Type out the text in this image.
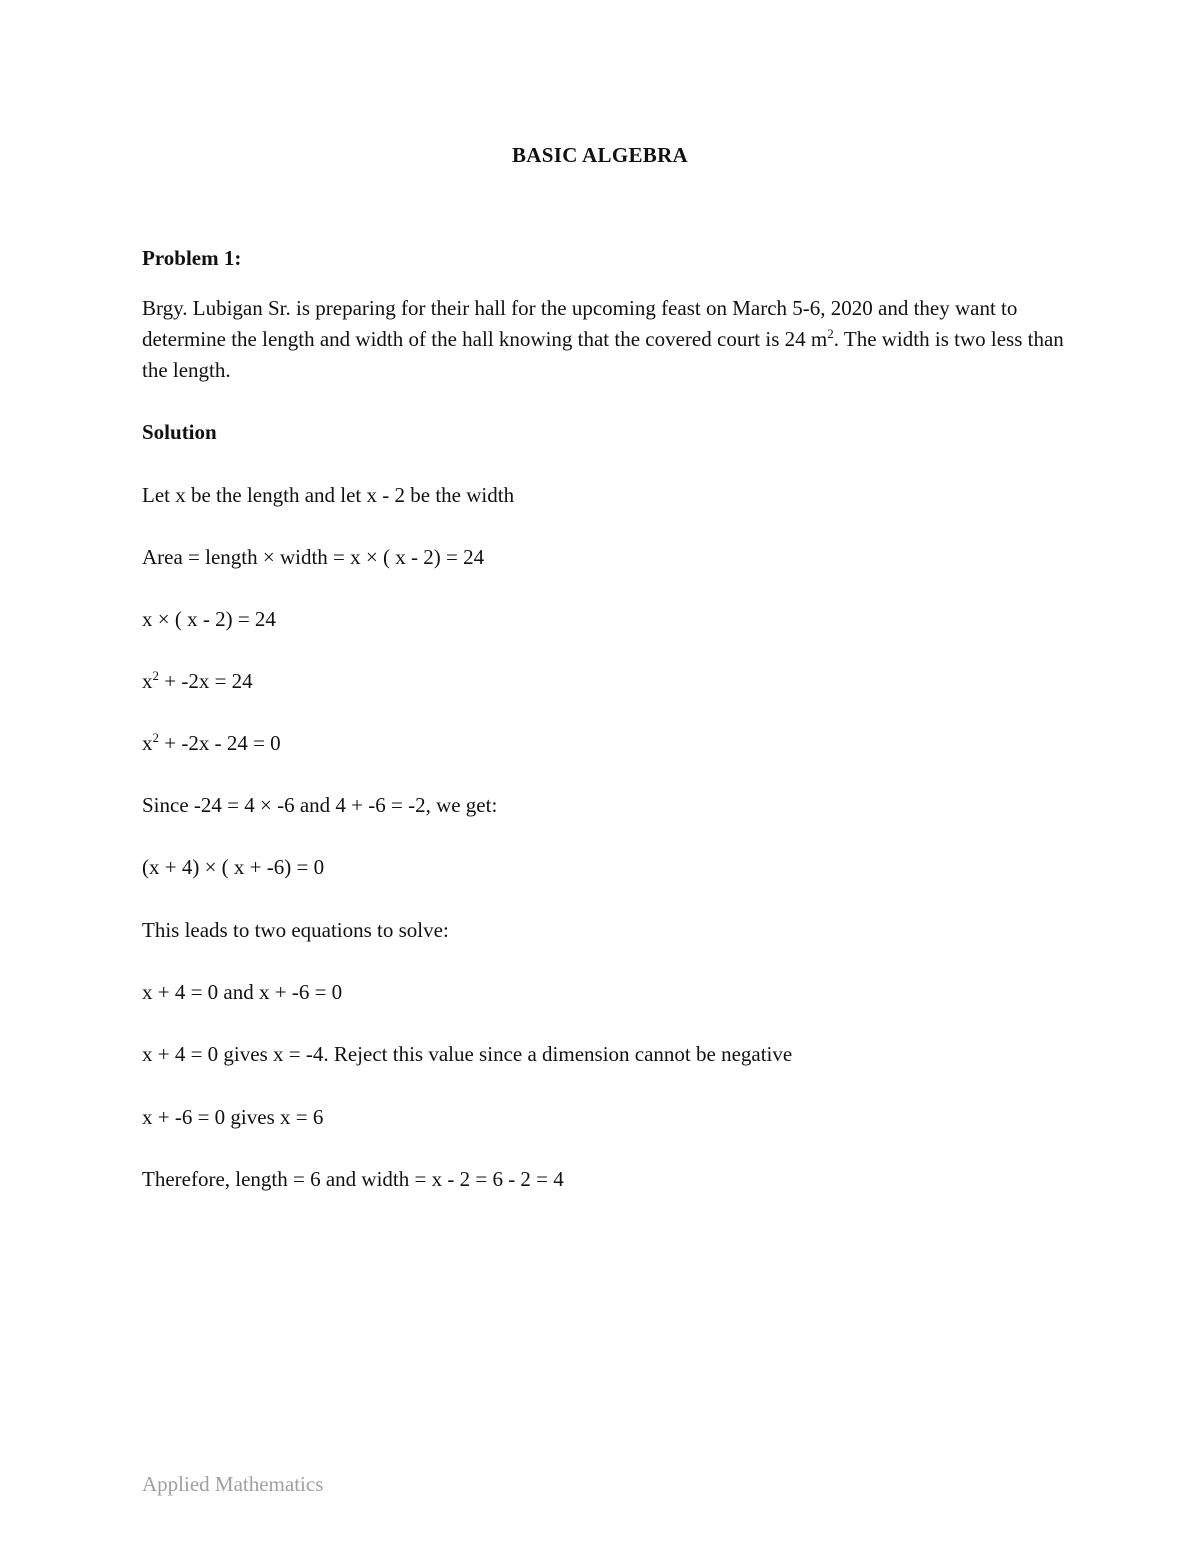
BASIC ALGEBRA
Problem 1:
Brgy. Lubigan Sr. is preparing for their hall for the upcoming feast on March 5-6, 2020 and they want to determine the length and width of the hall knowing that the covered court is 24 $m^2$. The width is two less than the length.
Solution
Let x be the length and let x - 2 be the width
Area = length × width = x × ( x - 2) = 24
x × ( x - 2) = 24
$x^2 + -2x = 24$
$x^2 + -2x - 24 = 0$
Since -24 = 4 × -6 and 4 + -6 = -2, we get:
(x + 4) × ( x + -6) = 0
This leads to two equations to solve:
x + 4 = 0 and x + -6 = 0
x + 4 = 0 gives x = -4. Reject this value since a dimension cannot be negative
x + -6 = 0 gives x = 6
Therefore, length = 6 and width = x - 2 = 6 - 2 = 4
Applied Mathematics
